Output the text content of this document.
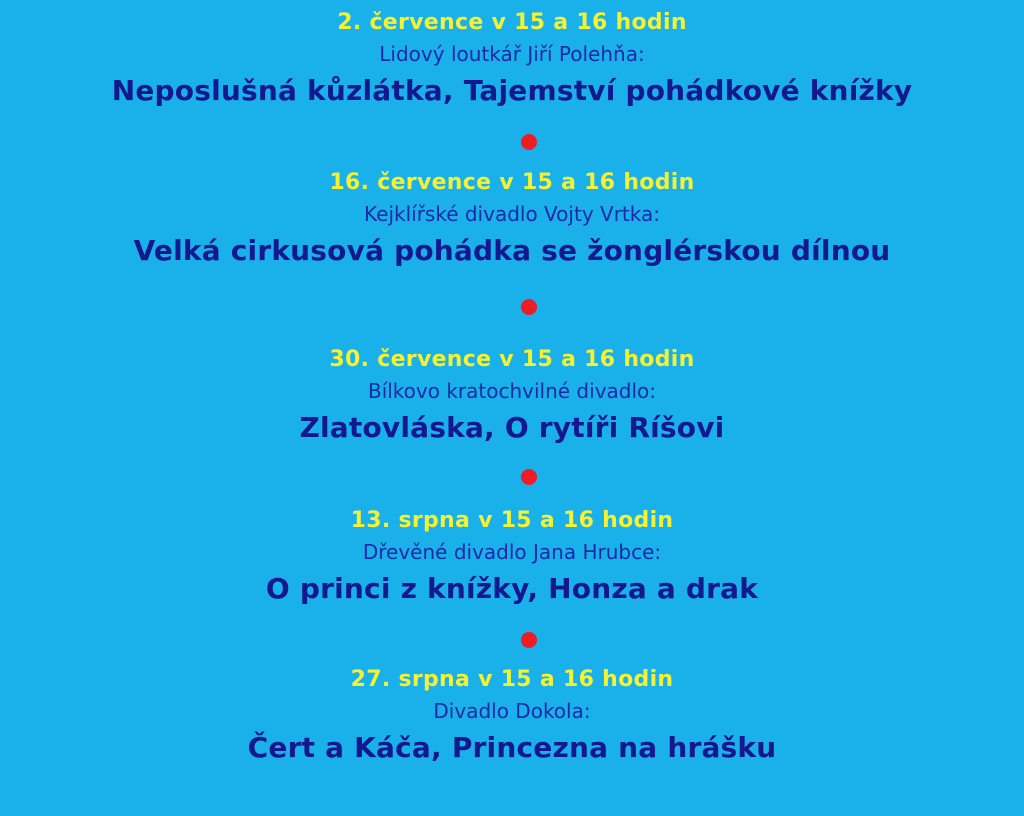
2. července v 15 a 16 hodin
Lidový loutkář Jiří Polehňa:
Neposlušná kůzlátka, Tajemství pohádkové knížky
16. července v 15 a 16 hodin
Kejklířské divadlo Vojty Vrtka:
Velká cirkusová pohádka se žonglérskou dílnou
30. července v 15 a 16 hodin
Bílkovo kratochvilné divadlo:
Zlatovláska, O rytíři Ríšovi
13. srpna v 15 a 16 hodin
Dřevěné divadlo Jana Hrubce:
O princi z knížky, Honza a drak
27. srpna v 15 a 16 hodin
Divadlo Dokola:
Čert a Káča, Princezna na hrášku
